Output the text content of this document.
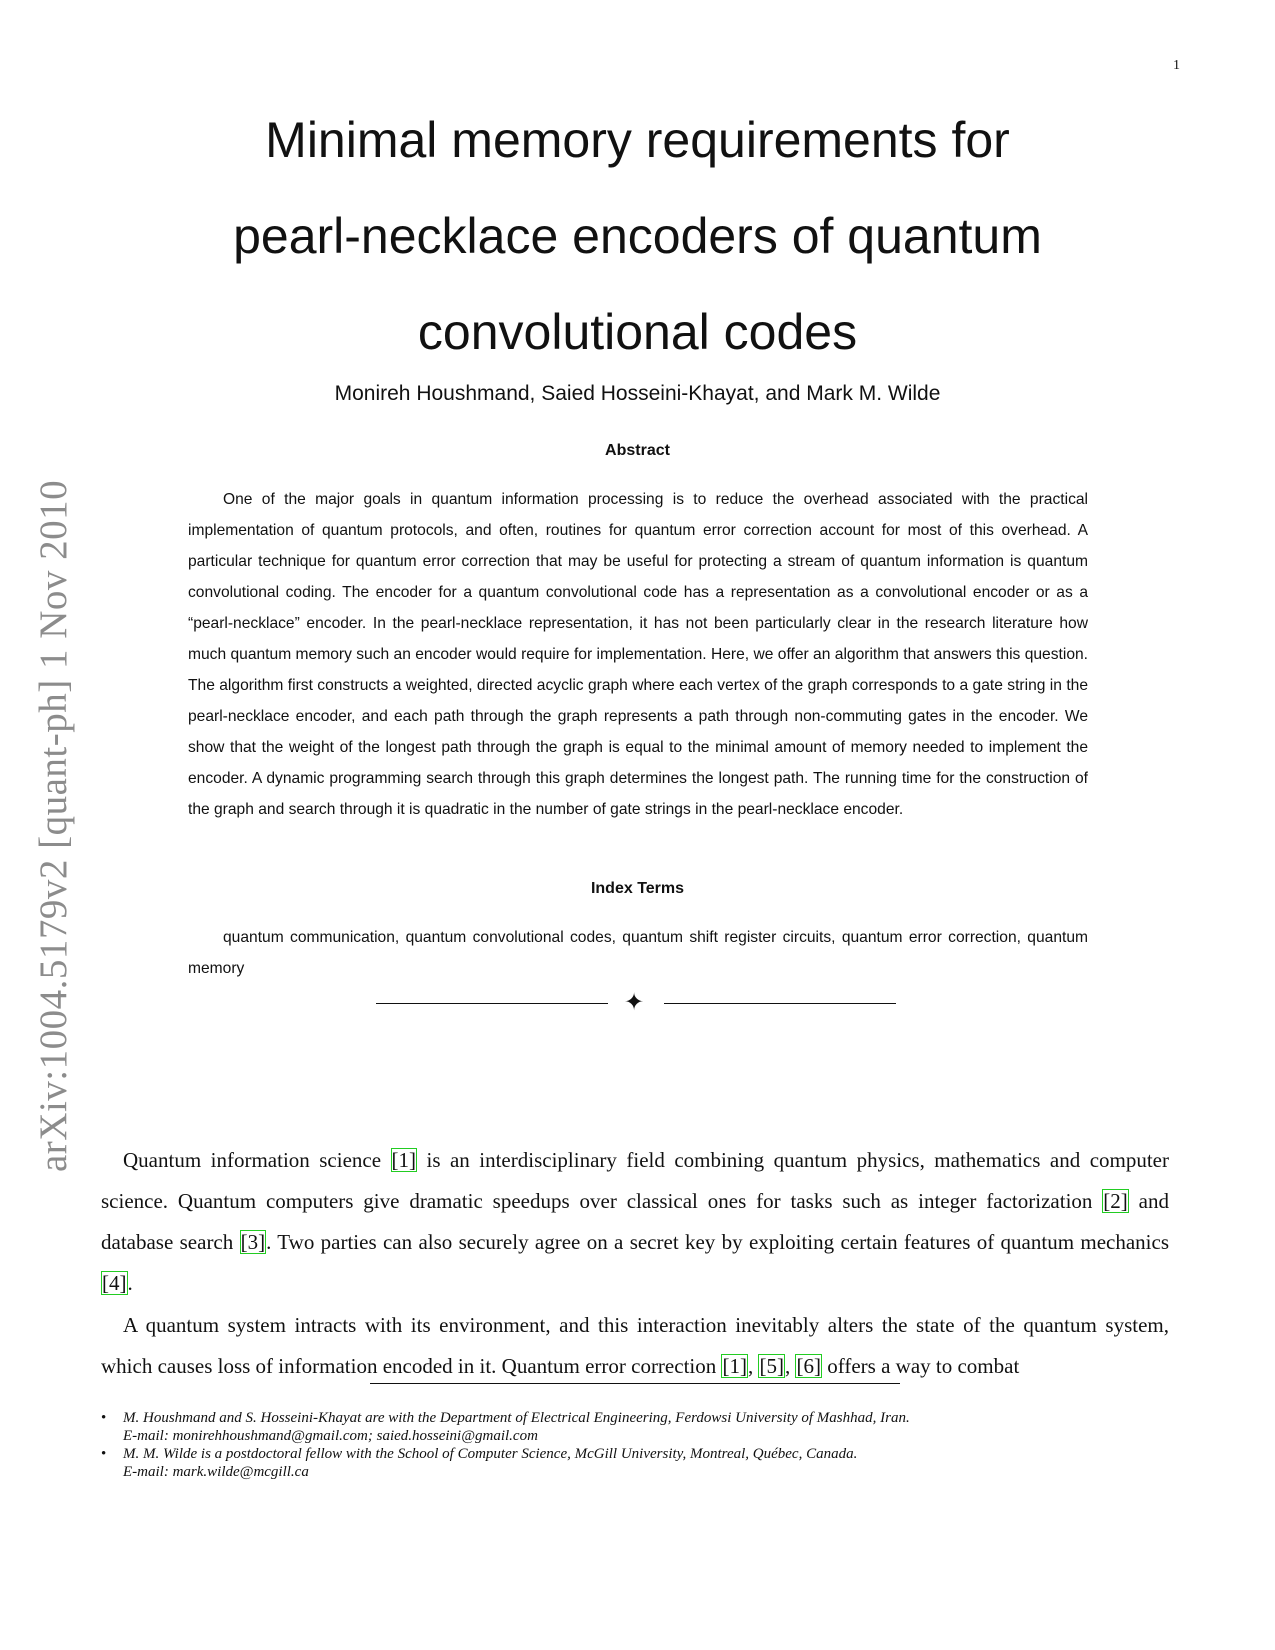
1
arXiv:1004.5179v2 [quant-ph] 1 Nov 2010
Minimal memory requirements for
pearl-necklace encoders of quantum
convolutional codes
Monireh Houshmand, Saied Hosseini-Khayat, and Mark M. Wilde
Abstract
One of the major goals in quantum information processing is to reduce the overhead associated with the practical implementation of quantum protocols, and often, routines for quantum error correction account for most of this overhead. A particular technique for quantum error correction that may be useful for protecting a stream of quantum information is quantum convolutional coding. The encoder for a quantum convolutional code has a representation as a convolutional encoder or as a “pearl-necklace” encoder. In the pearl-necklace representation, it has not been particularly clear in the research literature how much quantum memory such an encoder would require for implementation. Here, we offer an algorithm that answers this question. The algorithm first constructs a weighted, directed acyclic graph where each vertex of the graph corresponds to a gate string in the pearl-necklace encoder, and each path through the graph represents a path through non-commuting gates in the encoder. We show that the weight of the longest path through the graph is equal to the minimal amount of memory needed to implement the encoder. A dynamic programming search through this graph determines the longest path. The running time for the construction of the graph and search through it is quadratic in the number of gate strings in the pearl-necklace encoder.
Index Terms
quantum communication, quantum convolutional codes, quantum shift register circuits, quantum error correction, quantum memory
✦
Quantum information science [1] is an interdisciplinary field combining quantum physics, mathematics and computer science. Quantum computers give dramatic speedups over classical ones for tasks such as integer factorization [2] and database search [3]. Two parties can also securely agree on a secret key by exploiting certain features of quantum mechanics [4].
A quantum system intracts with its environment, and this interaction inevitably alters the state of the quantum system, which causes loss of information encoded in it. Quantum error correction [1], [5], [6] offers a way to combat
• M. Houshmand and S. Hosseini-Khayat are with the Department of Electrical Engineering, Ferdowsi University of Mashhad, Iran.
E-mail: monirehhoushmand@gmail.com; saied.hosseini@gmail.com
• M. M. Wilde is a postdoctoral fellow with the School of Computer Science, McGill University, Montreal, Québec, Canada.
E-mail: mark.wilde@mcgill.ca
